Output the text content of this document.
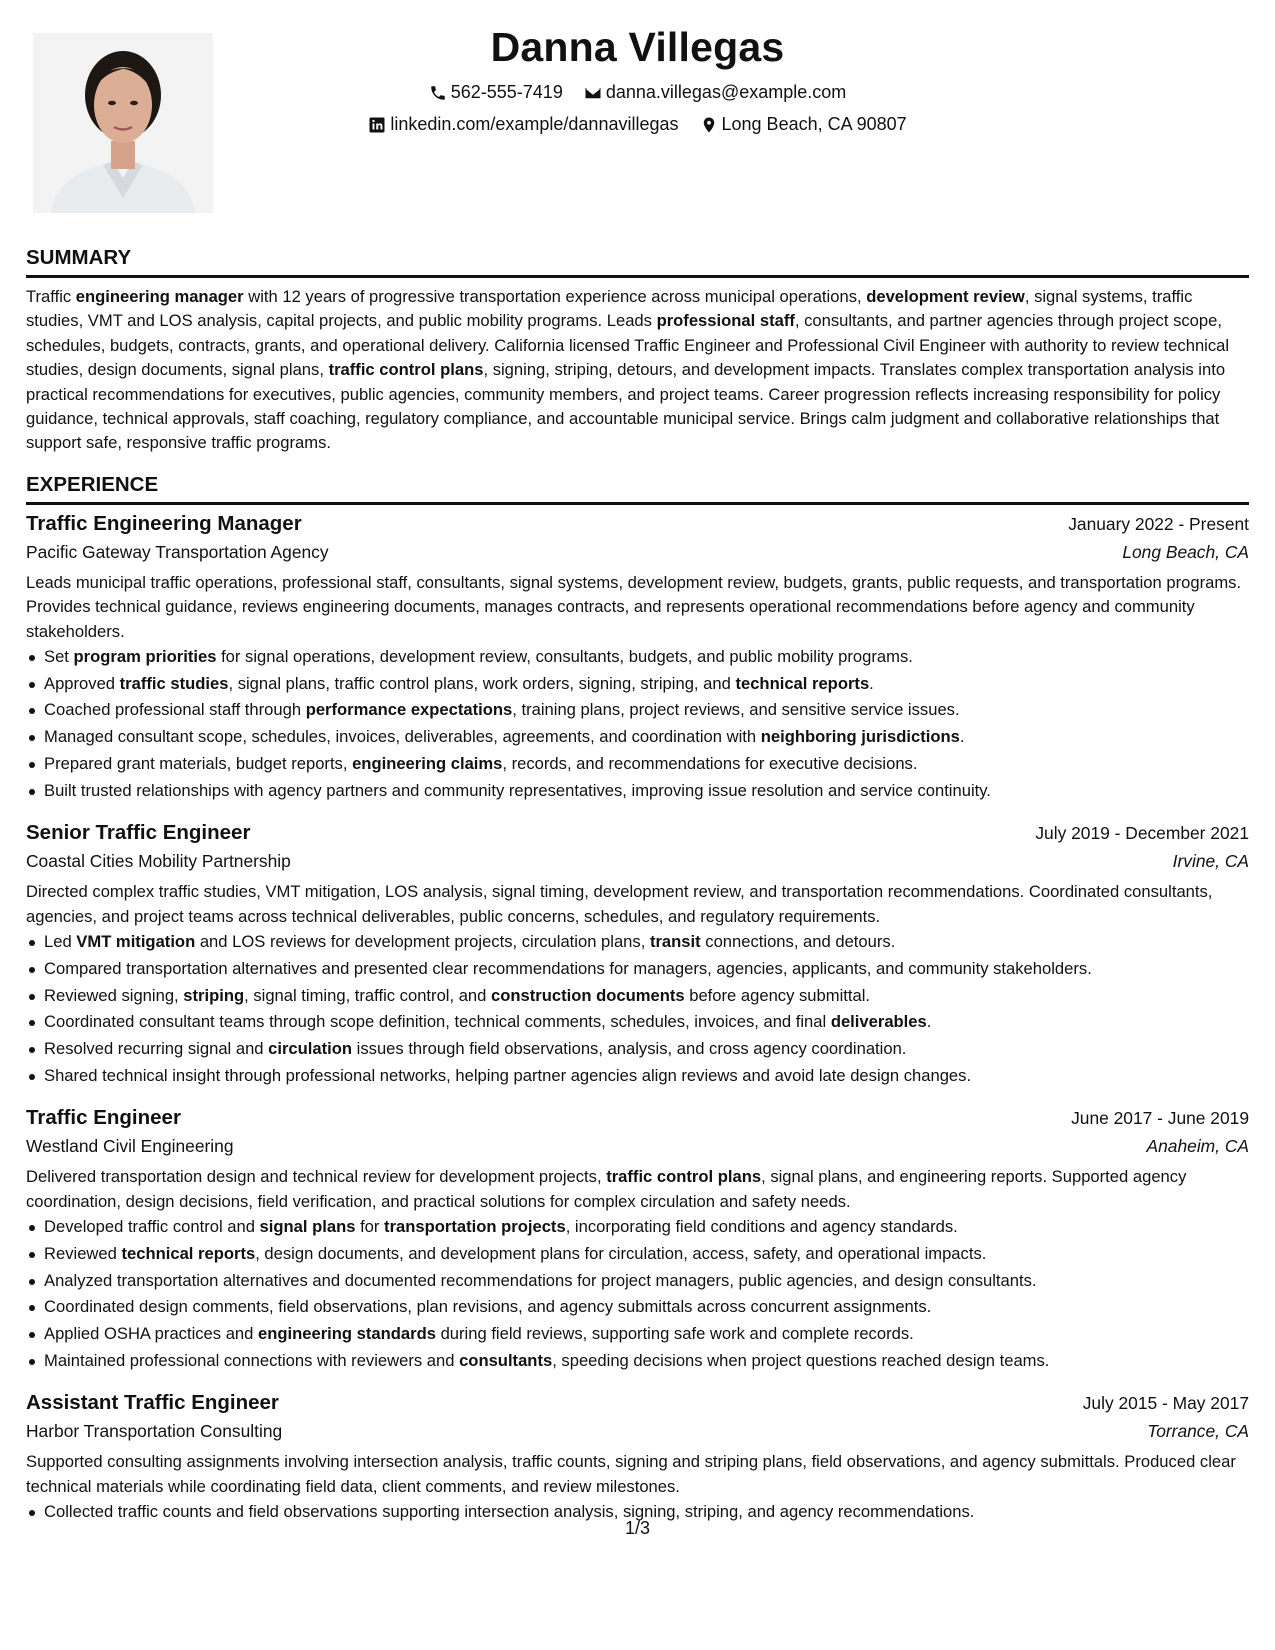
Danna Villegas
562-555-7419
danna.villegas@example.com
linkedin.com/example/dannavillegas
Long Beach, CA 90807
SUMMARY
Traffic engineering manager with 12 years of progressive transportation experience across municipal operations, development review, signal systems, traffic studies, VMT and LOS analysis, capital projects, and public mobility programs. Leads professional staff, consultants, and partner agencies through project scope, schedules, budgets, contracts, grants, and operational delivery. California licensed Traffic Engineer and Professional Civil Engineer with authority to review technical studies, design documents, signal plans, traffic control plans, signing, striping, detours, and development impacts. Translates complex transportation analysis into practical recommendations for executives, public agencies, community members, and project teams. Career progression reflects increasing responsibility for policy guidance, technical approvals, staff coaching, regulatory compliance, and accountable municipal service. Brings calm judgment and collaborative relationships that support safe, responsive traffic programs.
EXPERIENCE
Traffic Engineering Manager	January 2022 - Present
Pacific Gateway Transportation Agency	Long Beach, CA
Leads municipal traffic operations, professional staff, consultants, signal systems, development review, budgets, grants, public requests, and transportation programs. Provides technical guidance, reviews engineering documents, manages contracts, and represents operational recommendations before agency and community stakeholders.
Set program priorities for signal operations, development review, consultants, budgets, and public mobility programs.
Approved traffic studies, signal plans, traffic control plans, work orders, signing, striping, and technical reports.
Coached professional staff through performance expectations, training plans, project reviews, and sensitive service issues.
Managed consultant scope, schedules, invoices, deliverables, agreements, and coordination with neighboring jurisdictions.
Prepared grant materials, budget reports, engineering claims, records, and recommendations for executive decisions.
Built trusted relationships with agency partners and community representatives, improving issue resolution and service continuity.
Senior Traffic Engineer	July 2019 - December 2021
Coastal Cities Mobility Partnership	Irvine, CA
Directed complex traffic studies, VMT mitigation, LOS analysis, signal timing, development review, and transportation recommendations. Coordinated consultants, agencies, and project teams across technical deliverables, public concerns, schedules, and regulatory requirements.
Led VMT mitigation and LOS reviews for development projects, circulation plans, transit connections, and detours.
Compared transportation alternatives and presented clear recommendations for managers, agencies, applicants, and community stakeholders.
Reviewed signing, striping, signal timing, traffic control, and construction documents before agency submittal.
Coordinated consultant teams through scope definition, technical comments, schedules, invoices, and final deliverables.
Resolved recurring signal and circulation issues through field observations, analysis, and cross agency coordination.
Shared technical insight through professional networks, helping partner agencies align reviews and avoid late design changes.
Traffic Engineer	June 2017 - June 2019
Westland Civil Engineering	Anaheim, CA
Delivered transportation design and technical review for development projects, traffic control plans, signal plans, and engineering reports. Supported agency coordination, design decisions, field verification, and practical solutions for complex circulation and safety needs.
Developed traffic control and signal plans for transportation projects, incorporating field conditions and agency standards.
Reviewed technical reports, design documents, and development plans for circulation, access, safety, and operational impacts.
Analyzed transportation alternatives and documented recommendations for project managers, public agencies, and design consultants.
Coordinated design comments, field observations, plan revisions, and agency submittals across concurrent assignments.
Applied OSHA practices and engineering standards during field reviews, supporting safe work and complete records.
Maintained professional connections with reviewers and consultants, speeding decisions when project questions reached design teams.
Assistant Traffic Engineer	July 2015 - May 2017
Harbor Transportation Consulting	Torrance, CA
Supported consulting assignments involving intersection analysis, traffic counts, signing and striping plans, field observations, and agency submittals. Produced clear technical materials while coordinating field data, client comments, and review milestones.
Collected traffic counts and field observations supporting intersection analysis, signing, striping, and agency recommendations.
1/3
